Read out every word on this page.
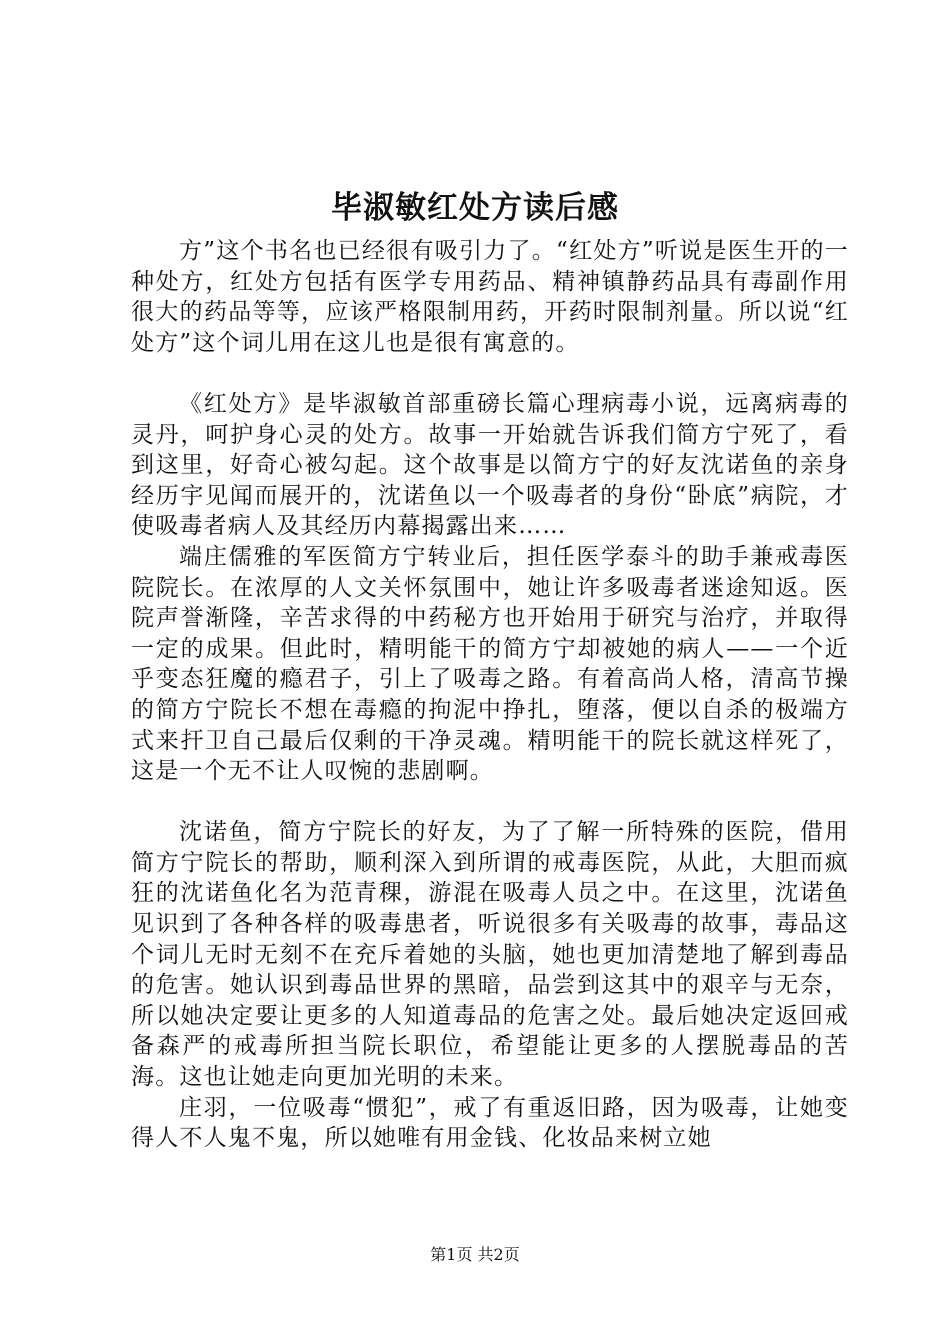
毕淑敏红处方读后感

方”这个书名也已经很有吸引力了。“红处方”听说是医生开的一种处方，红处方包括有医学专用药品、精神镇静药品具有毒副作用很大的药品等等，应该严格限制用药，开药时限制剂量。所以说“红处方”这个词儿用在这儿也是很有寓意的。

《红处方》是毕淑敏首部重磅长篇心理病毒小说，远离病毒的灵丹，呵护身心灵的处方。故事一开始就告诉我们简方宁死了，看到这里，好奇心被勾起。这个故事是以简方宁的好友沈诺鱼的亲身经历宇见闻而展开的，沈诺鱼以一个吸毒者的身份“卧底”病院，才使吸毒者病人及其经历内幕揭露出来……

端庄儒雅的军医简方宁转业后，担任医学泰斗的助手兼戒毒医院院长。在浓厚的人文关怀氛围中，她让许多吸毒者迷途知返。医院声誉渐隆，辛苦求得的中药秘方也开始用于研究与治疗，并取得一定的成果。但此时，精明能干的简方宁却被她的病人——一个近乎变态狂魔的瘾君子，引上了吸毒之路。有着高尚人格，清高节操的简方宁院长不想在毒瘾的拘泥中挣扎，堕落，便以自杀的极端方式来扞卫自己最后仅剩的干净灵魂。精明能干的院长就这样死了，这是一个无不让人叹惋的悲剧啊。

沈诺鱼，简方宁院长的好友，为了了解一所特殊的医院，借用简方宁院长的帮助，顺利深入到所谓的戒毒医院，从此，大胆而疯狂的沈诺鱼化名为范青稞，游混在吸毒人员之中。在这里，沈诺鱼见识到了各种各样的吸毒患者，听说很多有关吸毒的故事，毒品这个词儿无时无刻不在充斥着她的头脑，她也更加清楚地了解到毒品的危害。她认识到毒品世界的黑暗，品尝到这其中的艰辛与无奈，所以她决定要让更多的人知道毒品的危害之处。最后她决定返回戒备森严的戒毒所担当院长职位，希望能让更多的人摆脱毒品的苦海。这也让她走向更加光明的未来。

庄羽，一位吸毒“惯犯”，戒了有重返旧路，因为吸毒，让她变得人不人鬼不鬼，所以她唯有用金钱、化妆品来树立她

第1页 共2页
